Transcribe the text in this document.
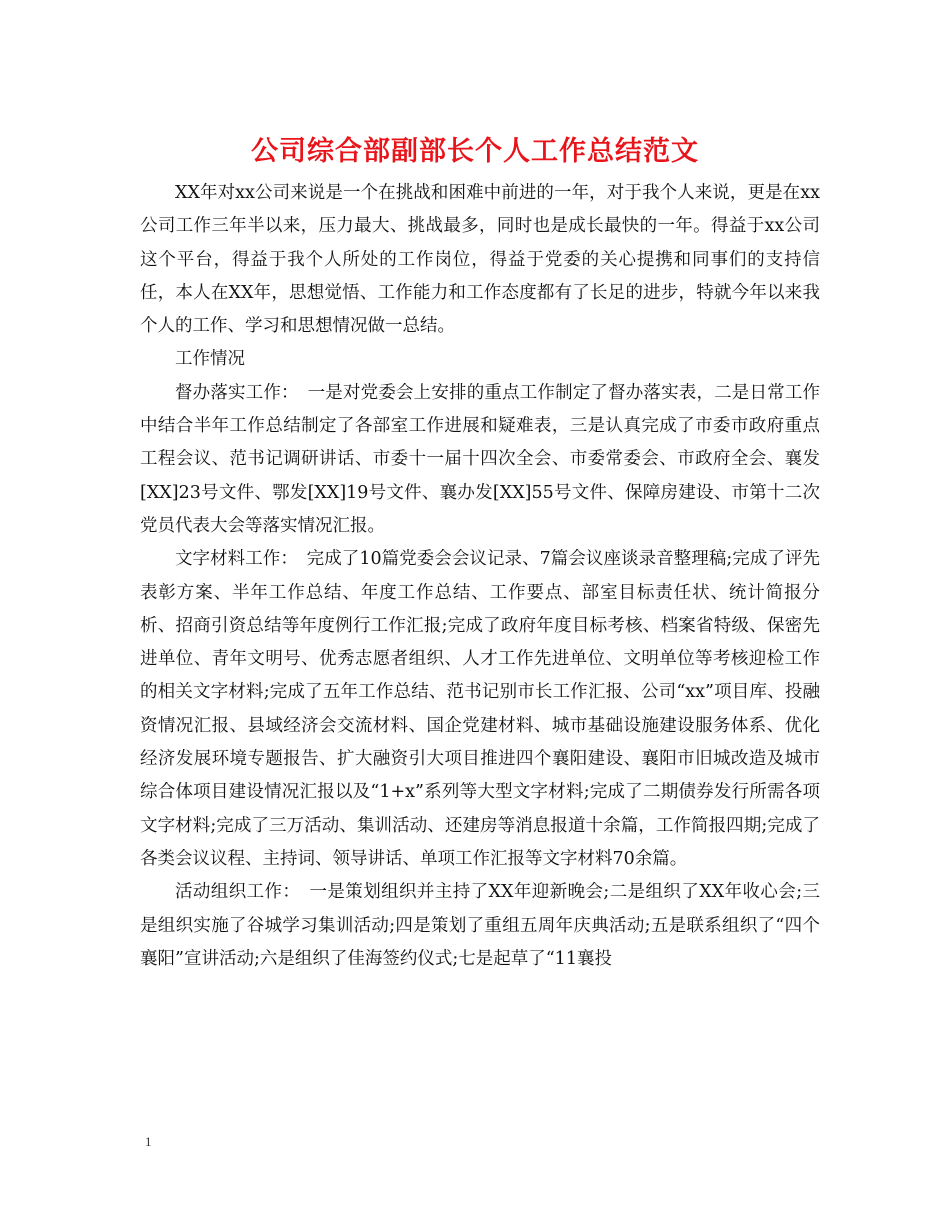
公司综合部副部长个人工作总结范文

XX年对xx公司来说是一个在挑战和困难中前进的一年，对于我个人来说，更是在xx公司工作三年半以来，压力最大、挑战最多，同时也是成长最快的一年。得益于xx公司这个平台，得益于我个人所处的工作岗位，得益于党委的关心提携和同事们的支持信任，本人在XX年，思想觉悟、工作能力和工作态度都有了长足的进步，特就今年以来我个人的工作、学习和思想情况做一总结。

工作情况

督办落实工作：　一是对党委会上安排的重点工作制定了督办落实表，二是日常工作中结合半年工作总结制定了各部室工作进展和疑难表，三是认真完成了市委市政府重点工程会议、范书记调研讲话、市委十一届十四次全会、市委常委会、市政府全会、襄发[XX]23号文件、鄂发[XX]19号文件、襄办发[XX]55号文件、保障房建设、市第十二次党员代表大会等落实情况汇报。

文字材料工作：　完成了10篇党委会会议记录、7篇会议座谈录音整理稿;完成了评先表彰方案、半年工作总结、年度工作总结、工作要点、部室目标责任状、统计简报分析、招商引资总结等年度例行工作汇报;完成了政府年度目标考核、档案省特级、保密先进单位、青年文明号、优秀志愿者组织、人才工作先进单位、文明单位等考核迎检工作的相关文字材料;完成了五年工作总结、范书记别市长工作汇报、公司“xx”项目库、投融资情况汇报、县域经济会交流材料、国企党建材料、城市基础设施建设服务体系、优化经济发展环境专题报告、扩大融资引大项目推进四个襄阳建设、襄阳市旧城改造及城市综合体项目建设情况汇报以及“1+x”系列等大型文字材料;完成了二期债券发行所需各项文字材料;完成了三万活动、集训活动、还建房等消息报道十余篇，工作简报四期;完成了各类会议议程、主持词、领导讲话、单项工作汇报等文字材料70余篇。

活动组织工作：　一是策划组织并主持了XX年迎新晚会;二是组织了XX年收心会;三是组织实施了谷城学习集训活动;四是策划了重组五周年庆典活动;五是联系组织了“四个襄阳”宣讲活动;六是组织了佳海签约仪式;七是起草了“11襄投

1
